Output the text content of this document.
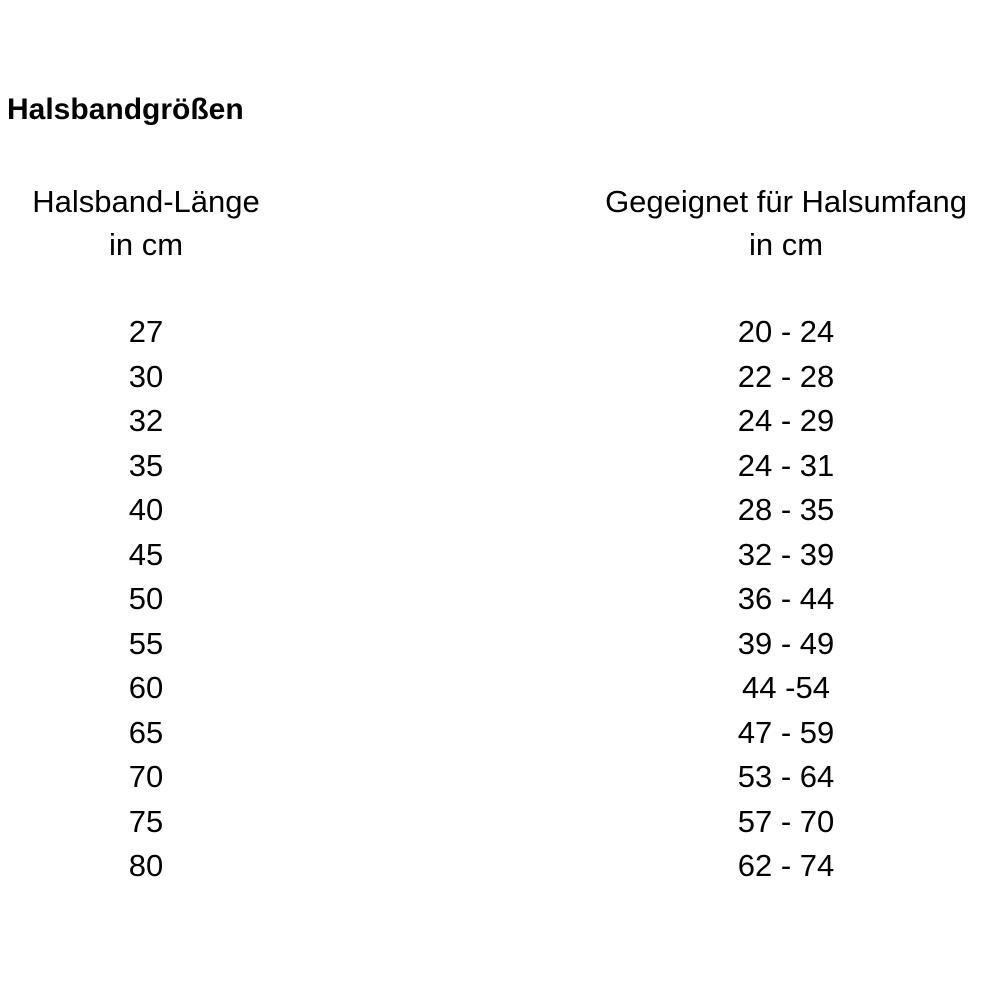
Halsbandgrößen
Halsband-Länge
in cm
Gegeignet für Halsumfang
in cm
27	20 - 24
30	22 - 28
32	24 - 29
35	24 - 31
40	28 - 35
45	32 - 39
50	36 - 44
55	39 - 49
60	44 -54
65	47 - 59
70	53 - 64
75	57 - 70
80	62 - 74
